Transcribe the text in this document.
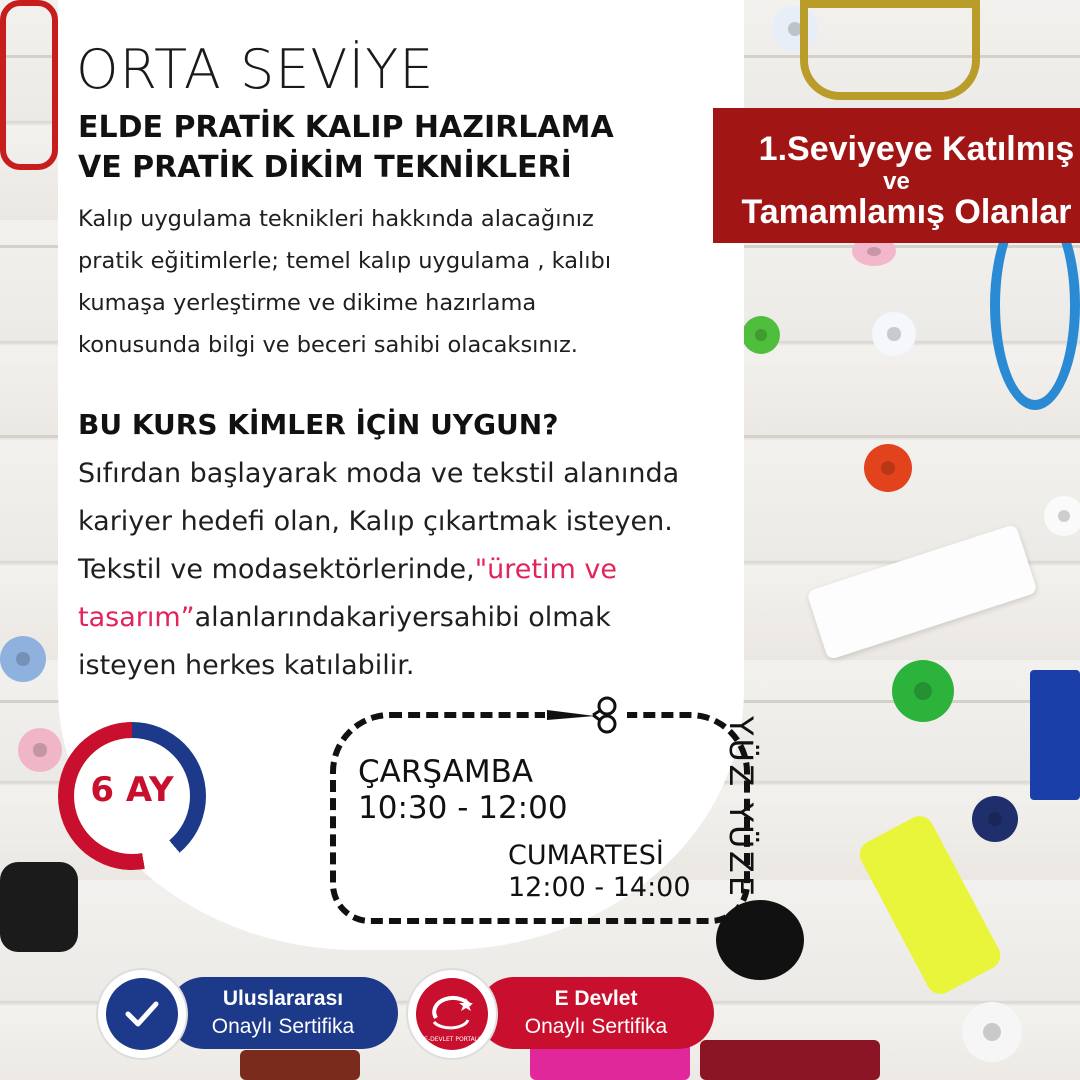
ORTA SEVİYE
ELDE PRATİK KALIP HAZIRLAMA
VE PRATİK DİKİM TEKNİKLERİ
Kalıp uygulama teknikleri hakkında alacağınız
pratik eğitimlerle; temel kalıp uygulama , kalıbı
kumaşa yerleştirme ve dikime hazırlama
konusunda bilgi ve beceri sahibi olacaksınız.
BU KURS KİMLER İÇİN UYGUN?
Sıfırdan başlayarak moda ve tekstil alanında
kariyer hedefi olan, Kalıp çıkartmak isteyen.
Tekstil ve modasektörlerinde,"üretim ve
tasarım”alanlarındakariyersahibi olmak
isteyen herkes katılabilir.
1.Seviyeye Katılmış
ve
Tamamlamış Olanlar
6 AY	ÇARŞAMBA
10:30 - 12:00
CUMARTESİ
12:00 - 14:00 YÜZ YÜZE
Uluslararası
Onaylı Sertifika
E Devlet
Onaylı Sertifika
E-DEVLET PORTALI
